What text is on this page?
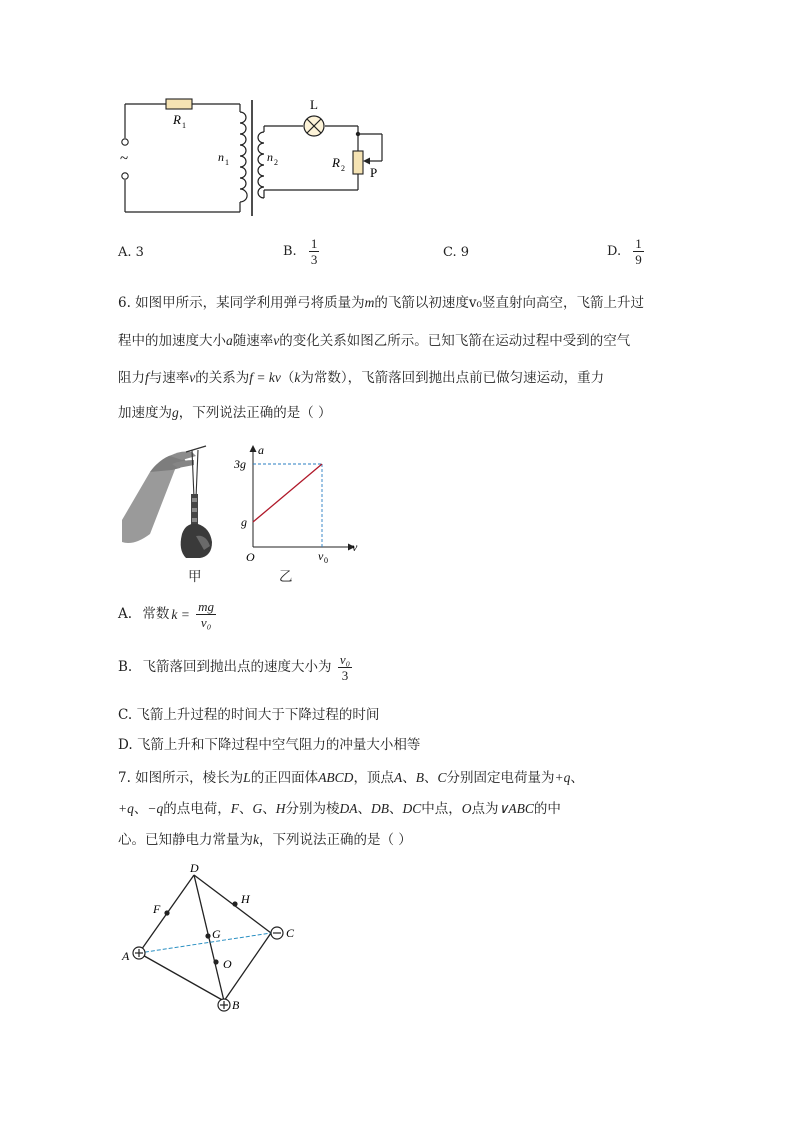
~
R 1
n 1	n 2
L
R 2 P
A. 3	B. $\frac{1}{3}$	C. 9	D. $\frac{1}{9}$
6. 如图甲所示，某同学利用弹弓将质量为m的飞箭以初速度v₀竖直射向高空，飞箭上升过
程中的加速度大小a随速率v的变化关系如图乙所示。已知飞箭在运动过程中受到的空气
阻力f与速率v的关系为f = kv（k为常数），飞箭落回到抛出点前已做匀速运动，重力
加速度为g，下列说法正确的是（ ）
甲
a
v
3g
g
O	v 0
乙
A. 常数 $k = \frac{mg}{\text{v₀}}$
B. 飞箭落回到抛出点的速度大小为 $\frac{\text{v₀}}{3}$
C. 飞箭上升过程的时间大于下降过程的时间
D. 飞箭上升和下降过程中空气阻力的冲量大小相等
7. 如图所示，棱长为L的正四面体ABCD，顶点A、B、C分别固定电荷量为+q、
+q、−q的点电荷，F、G、H分别为棱DA、DB、DC中点，O点为∨ABC的中
心。已知静电力常量为k，下列说法正确的是（ ）
D
F
H
G
A
C
O
B
